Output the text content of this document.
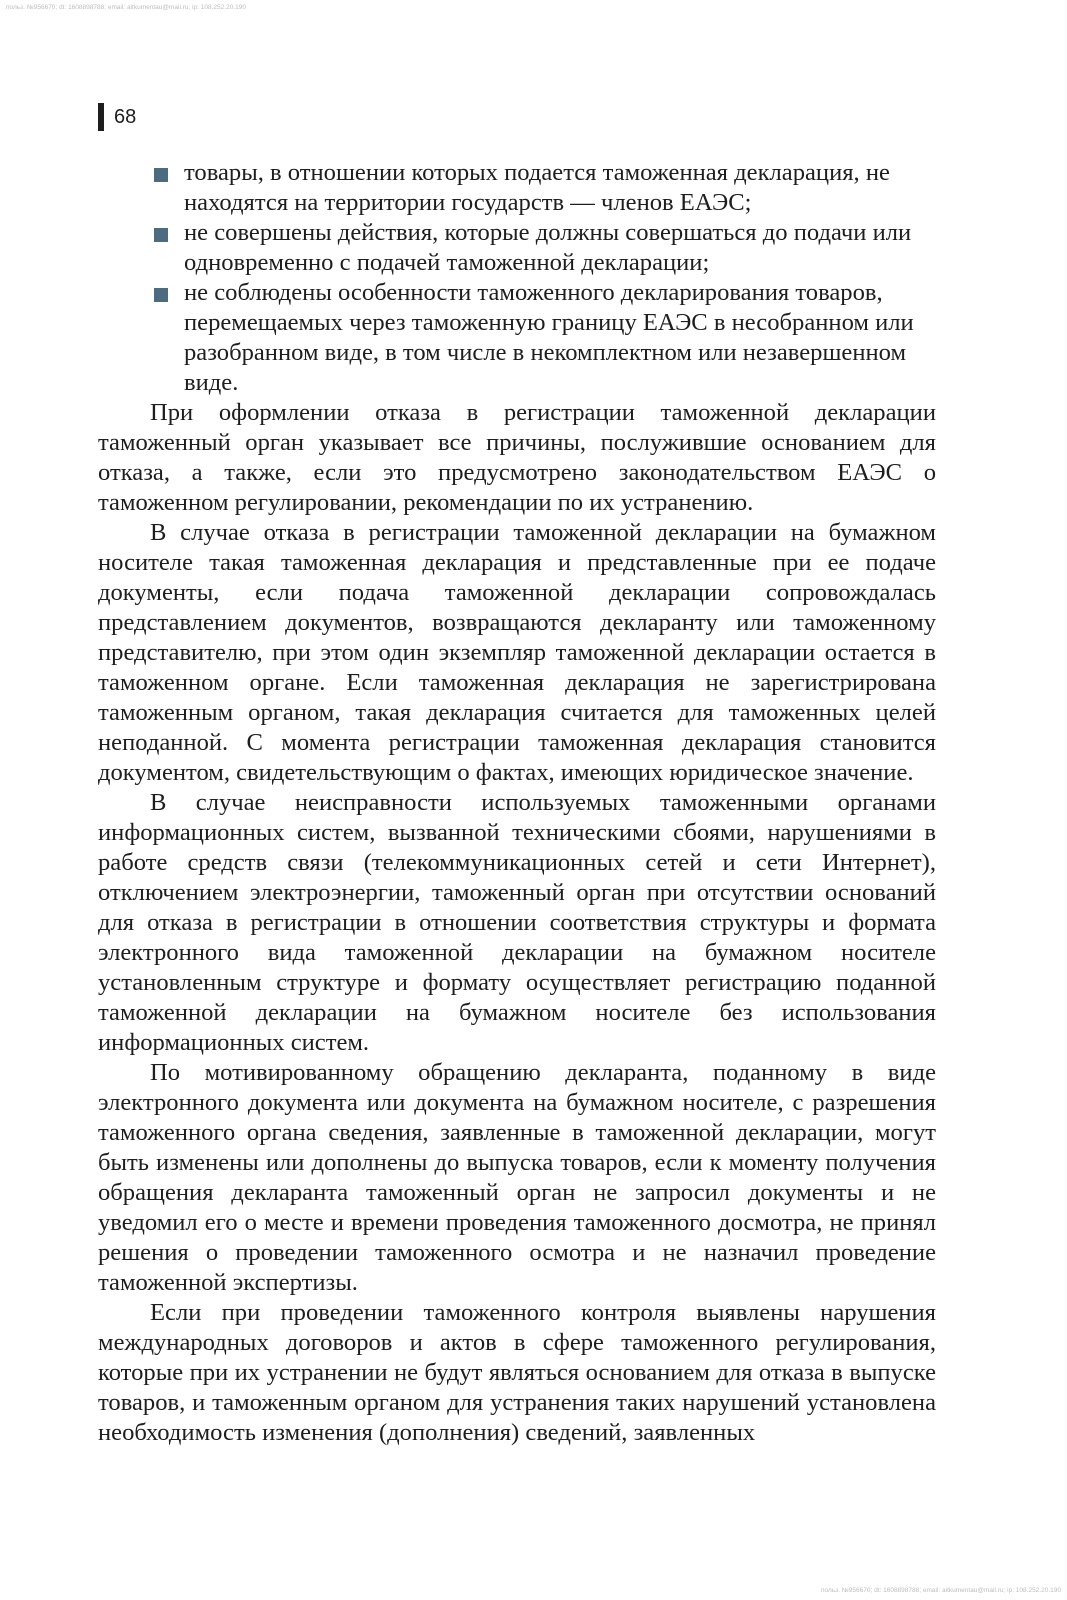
польз. №956670; dt: 1608898788; email: aitkumentau@mail.ru; ip: 108.252.20.190
68
товары, в отношении которых подается таможенная декларация, не находятся на территории государств — членов ЕАЭС;
не совершены действия, которые должны совершаться до подачи или одновременно с подачей таможенной декларации;
не соблюдены особенности таможенного декларирования товаров, перемещаемых через таможенную границу ЕАЭС в несобранном или разобранном виде, в том числе в некомплектном или незавершенном виде.

При оформлении отказа в регистрации таможенной декларации таможенный орган указывает все причины, послужившие основанием для отказа, а также, если это предусмотрено законодательством ЕАЭС о таможенном регулировании, рекомендации по их устранению.

В случае отказа в регистрации таможенной декларации на бумажном носителе такая таможенная декларация и представленные при ее подаче документы, если подача таможенной декларации сопровождалась представлением документов, возвращаются декларанту или таможенному представителю, при этом один экземпляр таможенной декларации остается в таможенном органе. Если таможенная декларация не зарегистрирована таможенным органом, такая декларация считается для таможенных целей неподанной. С момента регистрации таможенная декларация становится документом, свидетельствующим о фактах, имеющих юридическое значение.

В случае неисправности используемых таможенными органами информационных систем, вызванной техническими сбоями, нарушениями в работе средств связи (телекоммуникационных сетей и сети Интернет), отключением электроэнергии, таможенный орган при отсутствии оснований для отказа в регистрации в отношении соответствия структуры и формата электронного вида таможенной декларации на бумажном носителе установленным структуре и формату осуществляет регистрацию поданной таможенной декларации на бумажном носителе без использования информационных систем.

По мотивированному обращению декларанта, поданному в виде электронного документа или документа на бумажном носителе, с разрешения таможенного органа сведения, заявленные в таможенной декларации, могут быть изменены или дополнены до выпуска товаров, если к моменту получения обращения декларанта таможенный орган не запросил документы и не уведомил его о месте и времени проведения таможенного досмотра, не принял решения о проведении таможенного осмотра и не назначил проведение таможенной экспертизы.

Если при проведении таможенного контроля выявлены нарушения международных договоров и актов в сфере таможенного регулирования, которые при их устранении не будут являться основанием для отказа в выпуске товаров, и таможенным органом для устранения таких нарушений установлена необходимость изменения (дополнения) сведений, заявленных

польз. №956670; dt: 1608898788; email: aitkumentau@mail.ru; ip: 108.252.20.190
